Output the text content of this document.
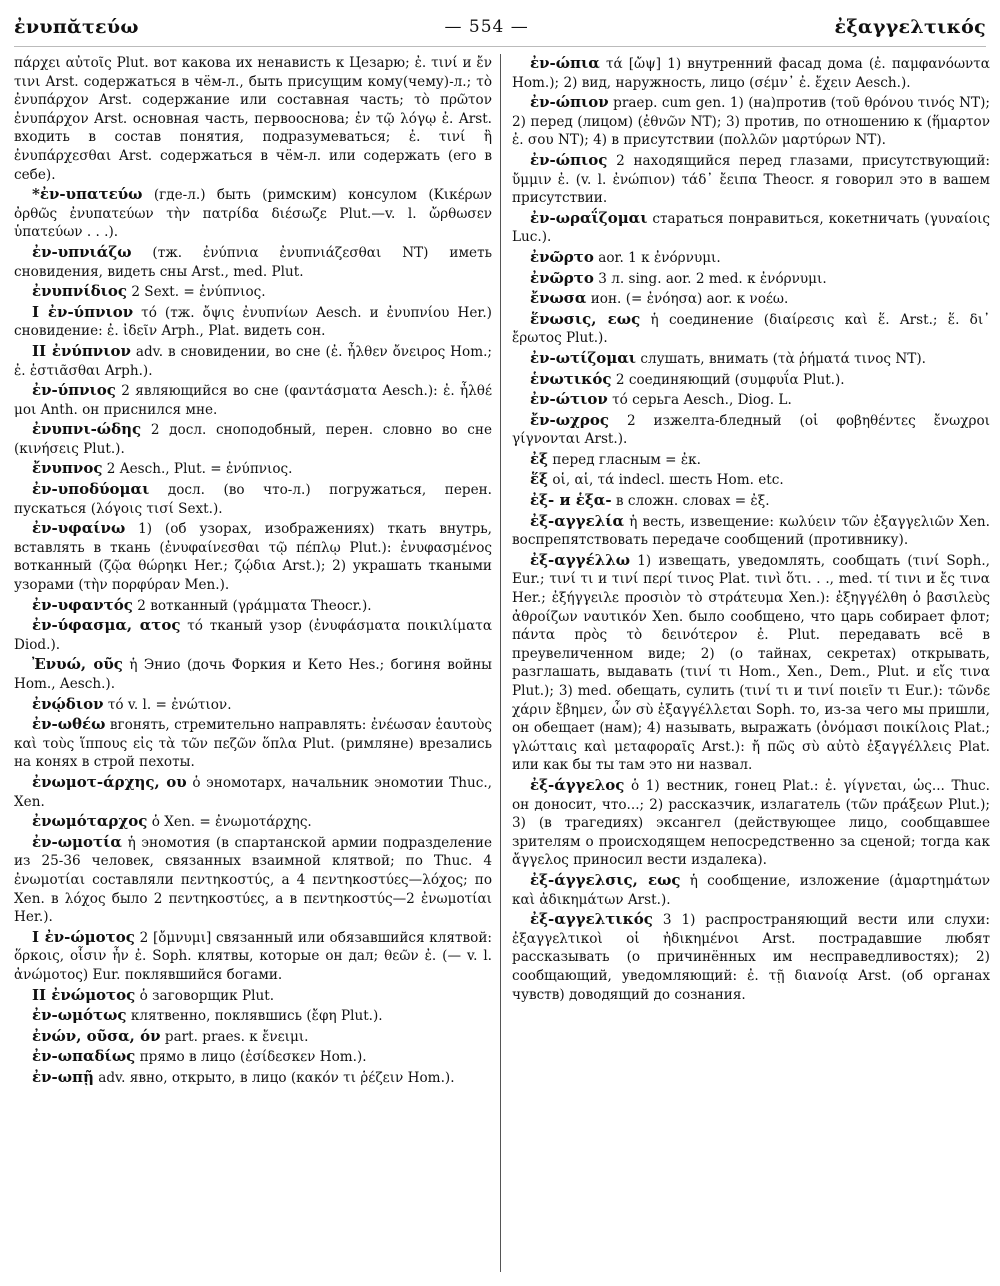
ἐνυπᾰτεύω	— 554 —	ἐξαγγελτικός

πάρχει αὐτοῖς Plut. вот какова их ненависть к Цезарю; ἐ. τινί и ἔν τινι Arst. содержаться в чём-л., быть присущим кому(чему)-л.; τὸ ἐνυπάρχον Arst. содержание или составная часть; τὸ πρῶτον ἐνυπάρχον Arst. основная часть, первооснова; ἐν τῷ λόγῳ ἐ. Arst. входить в состав понятия, подразумеваться; ἐ. τινί ἢ ἐνυπάρχεσθαι Arst. содержаться в чём-л. или содержать (его в себе).

*ἐν-υπατεύω (где-л.) быть (римским) консулом (Κικέρων ὀρθῶς ἐνυπατεύων τὴν πατρίδα διέσωζε Plut.—v. l. ὤρθωσεν ὑπατεύων . . .).

ἐν-υπνιάζω (тж. ἐνύπνια ἐνυπνιάζεσθαι NT) иметь сновидения, видеть сны Arst., med. Plut.

ἐνυπνίδιος 2 Sext. = ἐνύπνιος.

I ἐν-ύπνιον τό (тж. ὄψις ἐνυπνίων Aesch. и ἐνυπνίου Her.) сновидение: ἐ. ἰδεῖν Arph., Plat. видеть сон.

II ἐνύπνιον adv. в сновидении, во сне (ἐ. ἦλθεν ὄνειρος Hom.; ἐ. ἑστιᾶσθαι Arph.).

ἐν-ύπνιος 2 являющийся во сне (φαντάσματα Aesch.): ἐ. ἦλθέ μοι Anth. он приснился мне.

ἐνυπνι-ώδης 2 досл. сноподобный, перен. словно во сне (κινήσεις Plut.).

ἔνυπνος 2 Aesch., Plut. = ἐνύπνιος.

ἐν-υποδύομαι досл. (во что-л.) погружаться, перен. пускаться (λόγοις τισί Sext.).

ἐν-υφαίνω 1) (об узорах, изображениях) ткать внутрь, вставлять в ткань (ἐνυφαίνεσθαι τῷ πέπλῳ Plut.): ἐνυφασμένος вотканный (ζῷα θώρηκι Her.; ζῴδια Arst.); 2) украшать ткаными узорами (τὴν πορφύραν Men.).

ἐν-υφαντός 2 вотканный (γράμματα Theocr.).

ἐν-ύφασμα, ατος τό тканый узор (ἐνυφάσματα ποικιλίματα Diod.).

Ἐνυώ, οῦς ἡ Энио (дочь Форкия и Кето Hes.; богиня войны Hom., Aesch.).

ἐνῴδιον τό v. l. = ἐνώτιον.

ἐν-ωθέω вгонять, стремительно направлять: ἐνέωσαν ἑαυτοὺς καὶ τοὺς ἵππους εἰς τὰ τῶν πεζῶν ὅπλα Plut. (римляне) врезались на конях в строй пехоты.

ἐνωμοτ-άρχης, ου ὁ эномотарх, начальник эномотии Thuc., Xen.

ἐνωμόταρχος ὁ Xen. = ἐνωμοτάρχης.

ἐν-ωμοτία ἡ эномотия (в спартанской армии подразделение из 25-36 человек, связанных взаимной клятвой; по Thuc. 4 ἐνωμοτίαι составляли πεντηκοστύς, а 4 πεντηκοστύες—λόχος; по Xen. в λόχος было 2 πεντηκοστύες, а в πεντηκοστύς—2 ἐνωμοτίαι Her.).

I ἐν-ώμοτος 2 [ὄμνυμι] связанный или обязавшийся клятвой: ὅρκοις, οἷσιν ἦν ἐ. Soph. клятвы, которые он дал; θεῶν ἐ. (— v. l. ἀνώμοτος) Eur. поклявшийся богами.

II ἐνώμοτος ὁ заговорщик Plut.

ἐν-ωμότως клятвенно, поклявшись (ἔφη Plut.).

ἐνών, οῦσα, όν part. praes. к ἔνειμι.

ἐν-ωπαδίως прямо в лицо (ἐσίδεσκεν Hom.).

ἐν-ωπῇ adv. явно, открыто, в лицо (κακόν τι ῥέζειν Hom.).

ἐν-ώπια τά [ὤψ] 1) внутренний фасад дома (ἐ. παμφανόωντα Hom.); 2) вид, наружность, лицо (σέμν᾽ ἐ. ἔχειν Aesch.).

ἐν-ώπιον praep. cum gen. 1) (на)против (τοῦ θρόνου τινός NT); 2) перед (лицом) (ἐθνῶν NT); 3) против, по отношению к (ἥμαρτον ἐ. σου NT); 4) в присутствии (πολλῶν μαρτύρων NT).

ἐν-ώπιος 2 находящийся перед глазами, присутствующий: ὔμμιν ἐ. (v. l. ἐνώπιον) τάδ᾽ ἔειπα Theocr. я говорил это в вашем присутствии.

ἐν-ωραΐζομαι стараться понравиться, кокетничать (γυναίοις Luc.).

ἐνῶρτο aor. 1 к ἐνόρνυμι.

ἐνῶρτο 3 л. sing. aor. 2 med. к ἐνόρνυμι.

ἔνωσα ион. (= ἐνόησα) aor. к νοέω.

ἕνωσις, εως ἡ соединение (διαίρεσις καὶ ἕ. Arst.; ἕ. δι᾽ ἔρωτος Plut.).

ἐν-ωτίζομαι слушать, внимать (τὰ ῥήματά τινος NT).

ἑνωτικός 2 соединяющий (συμφυΐα Plut.).

ἐν-ώτιον τό серьга Aesch., Diog. L.

ἔν-ωχρος 2 изжелта-бледный (οἱ φοβηθέντες ἔνωχροι γίγνονται Arst.).

ἐξ перед гласным = ἐκ.

ἕξ οἱ, αἱ, τά indecl. шесть Hom. etc.

ἐξ- и ἑξα- в сложн. словах = ἐξ.

ἐξ-αγγελία ἡ весть, извещение: κωλύειν τῶν ἐξαγγελιῶν Xen. воспрепятствовать передаче сообщений (противнику).

ἐξ-αγγέλλω 1) извещать, уведомлять, сообщать (τινί Soph., Eur.; τινί τι и τινί περί τινος Plat. τινὶ ὅτι. . ., med. τί τινι и ἔς τινα Her.; ἐξήγγειλε προσιὸν τὸ στράτευμα Xen.): ἐξηγγέλθη ὁ βασιλεὺς ἀθροίζων ναυτικόν Xen. было сообщено, что царь собирает флот; πάντα πρὸς τὸ δεινότερον ἐ. Plut. передавать всё в преувеличенном виде; 2) (о тайнах, секретах) открывать, разглашать, выдавать (τινί τι Hom., Xen., Dem., Plut. и εἴς τινα Plut.); 3) med. обещать, сулить (τινί τι и τινί ποιεῖν τι Eur.): τῶνδε χάριν ἔβημεν, ὧν σὺ ἐξαγγέλλεται Soph. то, из-за чего мы пришли, он обещает (нам); 4) называть, выражать (ὀνόμασι ποικίλοις Plat.; γλώτταις καὶ μεταφοραῖς Arst.): ἤ πῶς σὺ αὐτὸ ἐξαγγέλλεις Plat. или как бы ты там это ни назвал.

ἐξ-άγγελος ὁ 1) вестник, гонец Plat.: ἐ. γίγνεται, ὡς... Thuc. он доносит, что...; 2) рассказчик, излагатель (τῶν πράξεων Plut.); 3) (в трагедиях) эксангел (действующее лицо, сообщавшее зрителям о происходящем непосредственно за сценой; тогда как ἄγγελος приносил вести издалека).

ἐξ-άγγελσις, εως ἡ сообщение, изложение (ἁμαρτημάτων καὶ ἀδικημάτων Arst.).

ἐξ-αγγελτικός 3 1) распространяющий вести или слухи: ἐξαγγελτικοὶ οἱ ἠδικημένοι Arst. пострадавшие любят рассказывать (о причинённых им несправедливостях); 2) сообщающий, уведомляющий: ἐ. τῇ διανοίᾳ Arst. (об органах чувств) доводящий до сознания.
